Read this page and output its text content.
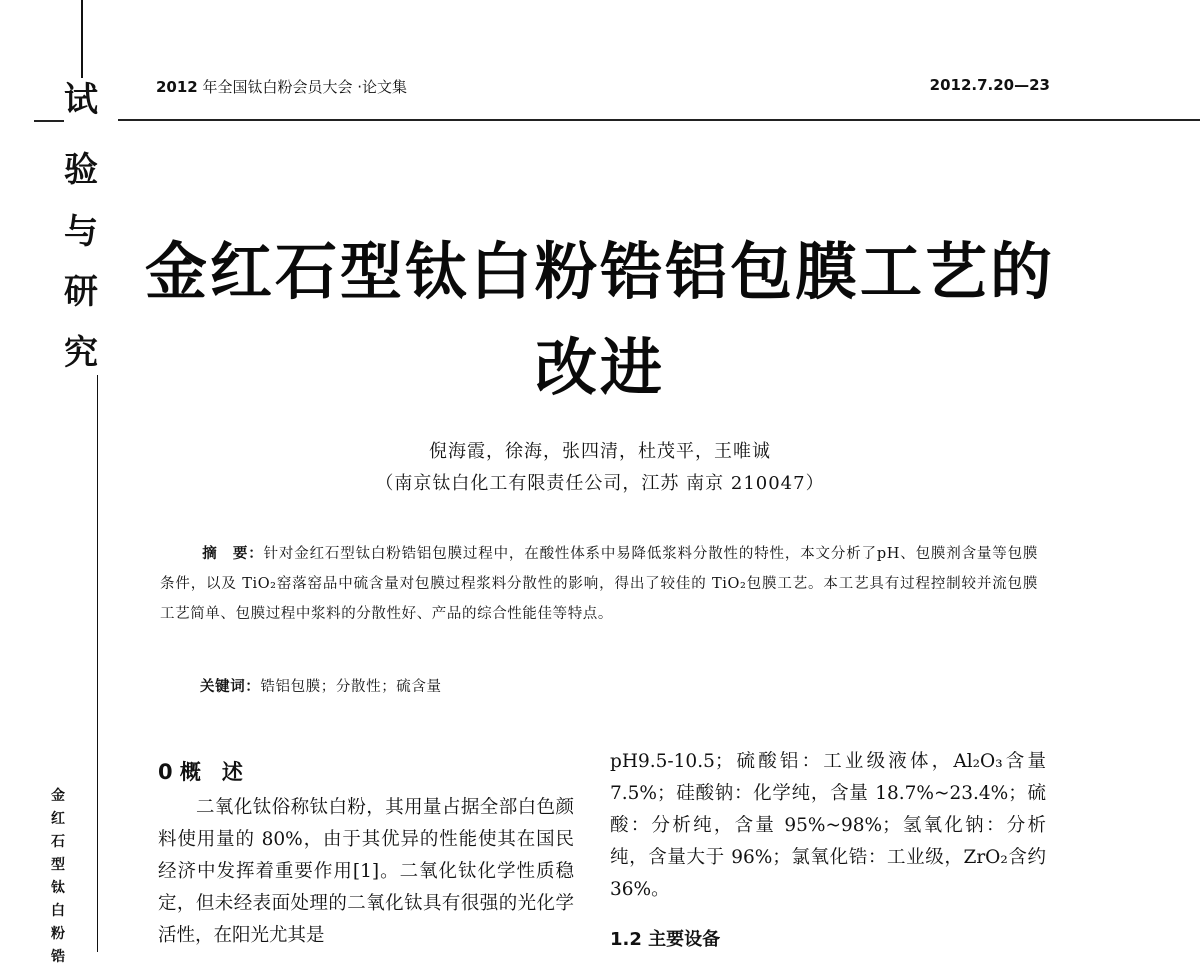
试
验
与
研
究
金
红
石
型
钛
白
粉
锆
2012 年全国钛白粉会员大会 ·论文集	2012.7.20—23
金红石型钛白粉锆铝包膜工艺的
改进
倪海霞，徐海，张四清，杜茂平，王唯诚
（南京钛白化工有限责任公司，江苏 南京 210047）
摘　要：针对金红石型钛白粉锆铝包膜过程中，在酸性体系中易降低浆料分散性的特性，本文分析了pH、包膜剂含量等包膜条件，以及 TiO₂窑落窑品中硫含量对包膜过程浆料分散性的影响，得出了较佳的 TiO₂包膜工艺。本工艺具有过程控制较并流包膜工艺简单、包膜过程中浆料的分散性好、产品的综合性能佳等特点。
关键词：锆铝包膜；分散性；硫含量
0 概　述
二氧化钛俗称钛白粉，其用量占据全部白色颜料使用量的 80%，由于其优异的性能使其在国民经济中发挥着重要作用[1]。二氧化钛化学性质稳定，但未经表面处理的二氧化钛具有很强的光化学活性，在阳光尤其是
pH9.5-10.5；硫酸铝：工业级液体，Al₂O₃含量 7.5%；硅酸钠：化学纯，含量 18.7%~23.4%；硫酸：分析纯，含量 95%~98%；氢氧化钠：分析纯，含量大于 96%；氯氧化锆：工业级，ZrO₂含约 36%。
1.2 主要设备
